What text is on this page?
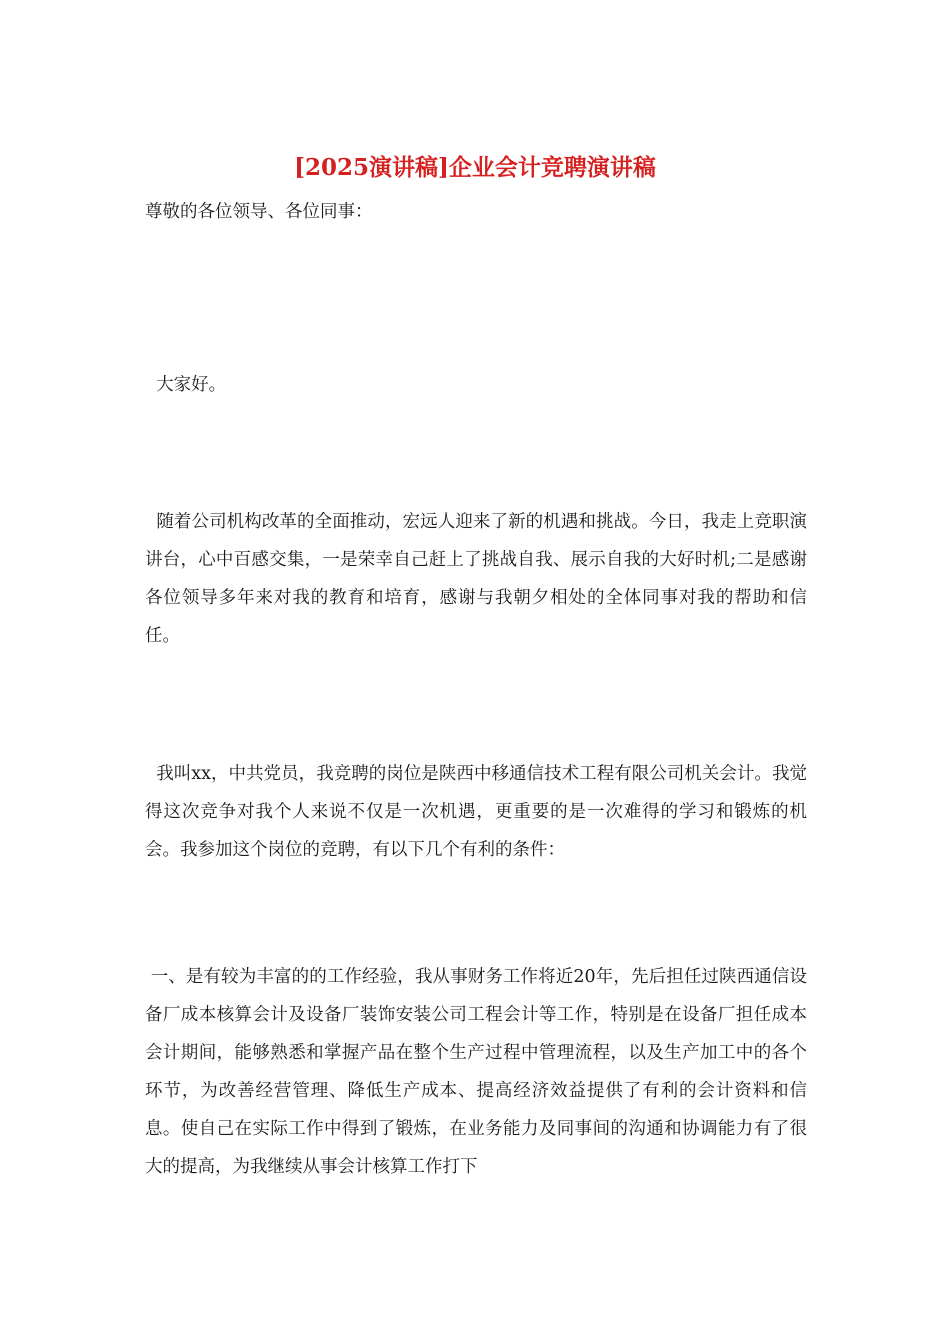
[2025演讲稿]企业会计竞聘演讲稿

尊敬的各位领导、各位同事：

大家好。

随着公司机构改革的全面推动，宏远人迎来了新的机遇和挑战。今日，我走上竞职演讲台，心中百感交集，一是荣幸自己赶上了挑战自我、展示自我的大好时机;二是感谢各位领导多年来对我的教育和培育，感谢与我朝夕相处的全体同事对我的帮助和信任。

我叫xx，中共党员，我竞聘的岗位是陕西中移通信技术工程有限公司机关会计。我觉得这次竞争对我个人来说不仅是一次机遇，更重要的是一次难得的学习和锻炼的机会。我参加这个岗位的竞聘，有以下几个有利的条件：

一、是有较为丰富的的工作经验，我从事财务工作将近20年，先后担任过陕西通信设备厂成本核算会计及设备厂装饰安装公司工程会计等工作，特别是在设备厂担任成本会计期间，能够熟悉和掌握产品在整个生产过程中管理流程，以及生产加工中的各个环节，为改善经营管理、降低生产成本、提高经济效益提供了有利的会计资料和信息。使自己在实际工作中得到了锻炼，在业务能力及同事间的沟通和协调能力有了很大的提高，为我继续从事会计核算工作打下
